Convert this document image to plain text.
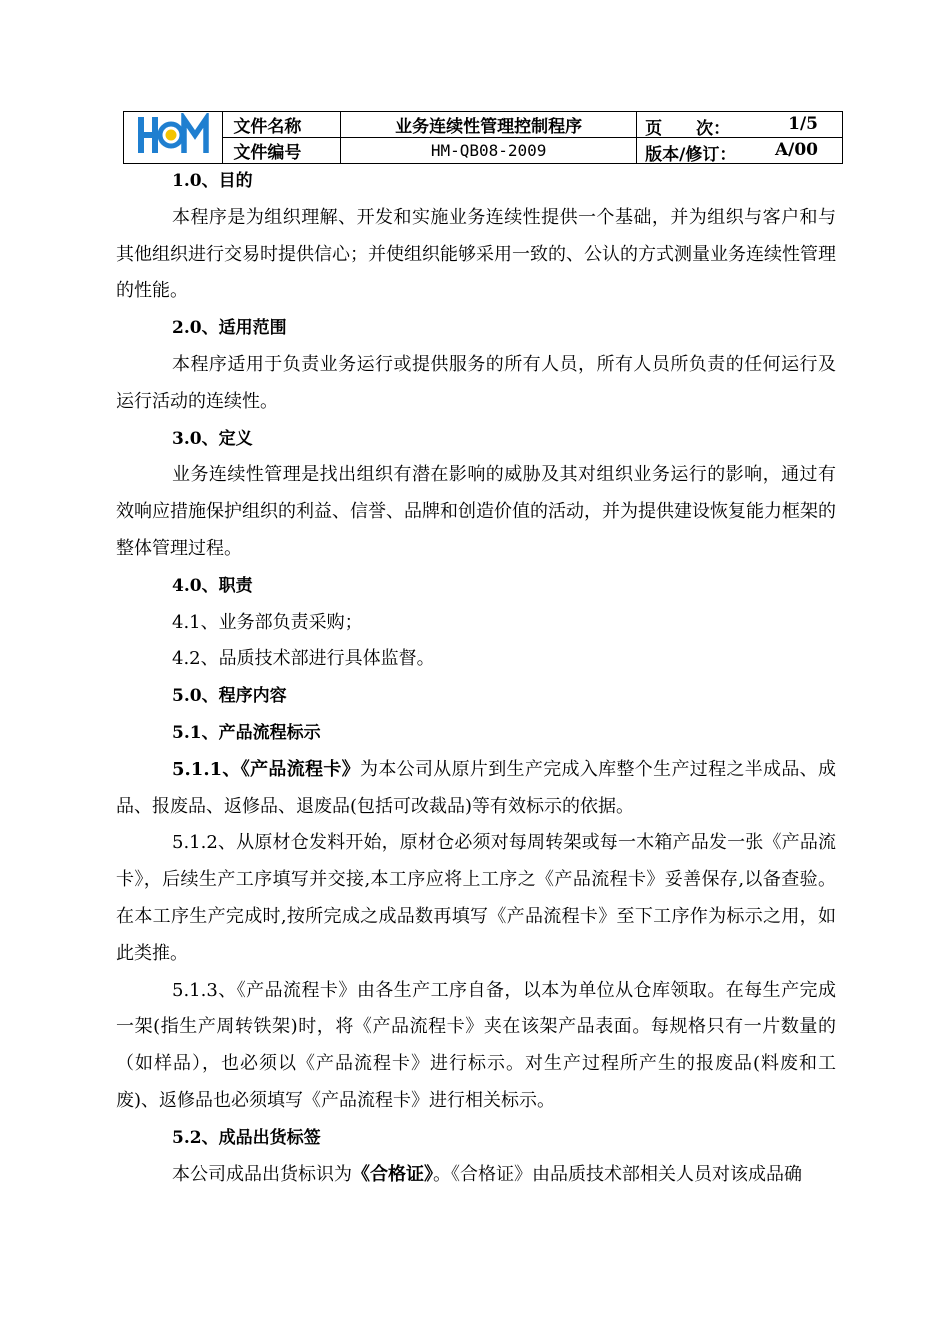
	文件名称	业务连续性管理控制程序	页　　次： 1/5

	文件编号	HM-QB08-2009	版本/修订： A/00

1.0、目的

本程序是为组织理解、开发和实施业务连续性提供一个基础，并为组织与客户和与其他组织进行交易时提供信心；并使组织能够采用一致的、公认的方式测量业务连续性管理的性能。

2.0、适用范围

本程序适用于负责业务运行或提供服务的所有人员，所有人员所负责的任何运行及运行活动的连续性。

3.0、定义

业务连续性管理是找出组织有潜在影响的威胁及其对组织业务运行的影响，通过有效响应措施保护组织的利益、信誉、品牌和创造价值的活动，并为提供建设恢复能力框架的整体管理过程。

4.0、职责

4.1、业务部负责采购；

4.2、品质技术部进行具体监督。

5.0、程序内容

5.1、产品流程标示

5.1.1、《产品流程卡》为本公司从原片到生产完成入库整个生产过程之半成品、成品、报废品、返修品、退废品(包括可改裁品)等有效标示的依据。

5.1.2、从原材仓发料开始，原材仓必须对每周转架或每一木箱产品发一张《产品流卡》，后续生产工序填写并交接,本工序应将上工序之《产品流程卡》妥善保存,以备查验。在本工序生产完成时,按所完成之成品数再填写《产品流程卡》至下工序作为标示之用，如此类推。

5.1.3、《产品流程卡》由各生产工序自备，以本为单位从仓库领取。在每生产完成一架(指生产周转铁架)时，将《产品流程卡》夹在该架产品表面。每规格只有一片数量的（如样品），也必须以《产品流程卡》进行标示。对生产过程所产生的报废品(料废和工废)、返修品也必须填写《产品流程卡》进行相关标示。

5.2、成品出货标签

本公司成品出货标识为《合格证》。《合格证》由品质技术部相关人员对该成品确
